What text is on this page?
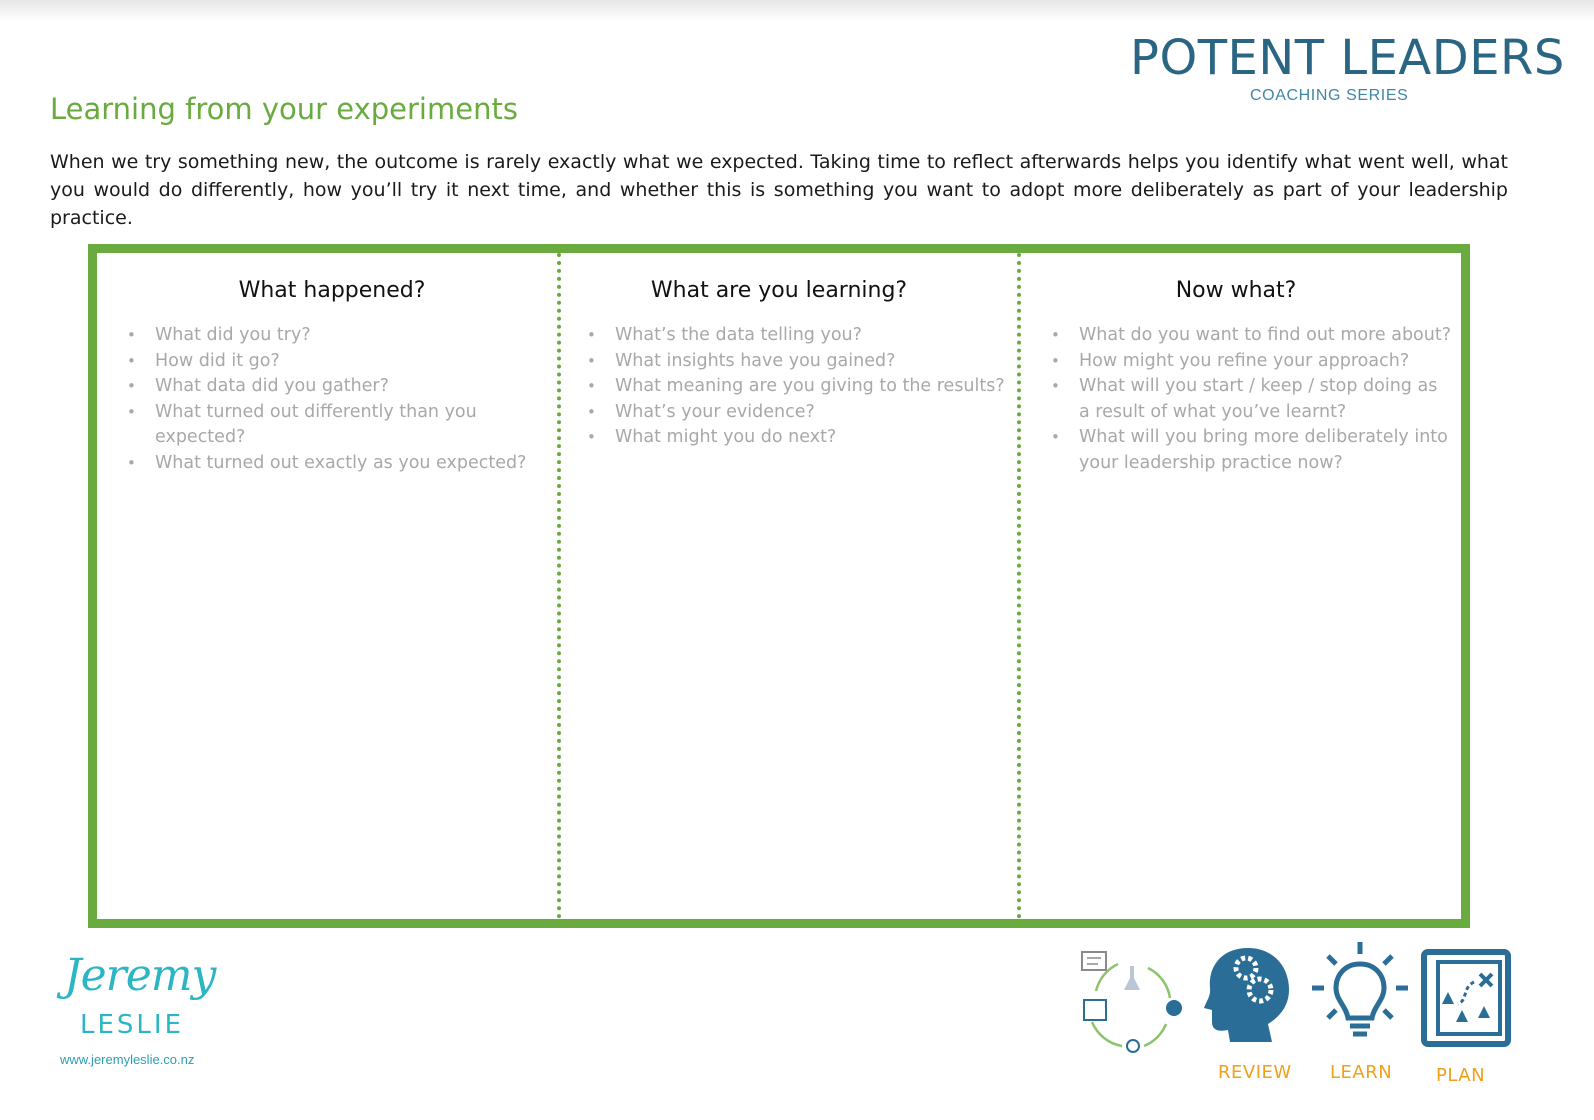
POTENT LEADERS
COACHING SERIES
Learning from your experiments

When we try something new, the outcome is rarely exactly what we expected. Taking time to reflect afterwards helps you identify what went well, what you would do differently, how you’ll try it next time, and whether this is something you want to adopt more deliberately as part of your leadership practice.

What happened?
• What did you try?
• How did it go?
• What data did you gather?
• What turned out differently than you expected?
• What turned out exactly as you expected?
What are you learning?
• What’s the data telling you?
• What insights have you gained?
• What meaning are you giving to the results?
• What’s your evidence?
• What might you do next?
Now what?
• What do you want to find out more about?
• How might you refine your approach?
• What will you start / keep / stop doing as a result of what you’ve learnt?
• What will you bring more deliberately into your leadership practice now?
Jeremy
LESLIE
www.jeremyleslie.co.nz
REVIEW LEARN PLAN
